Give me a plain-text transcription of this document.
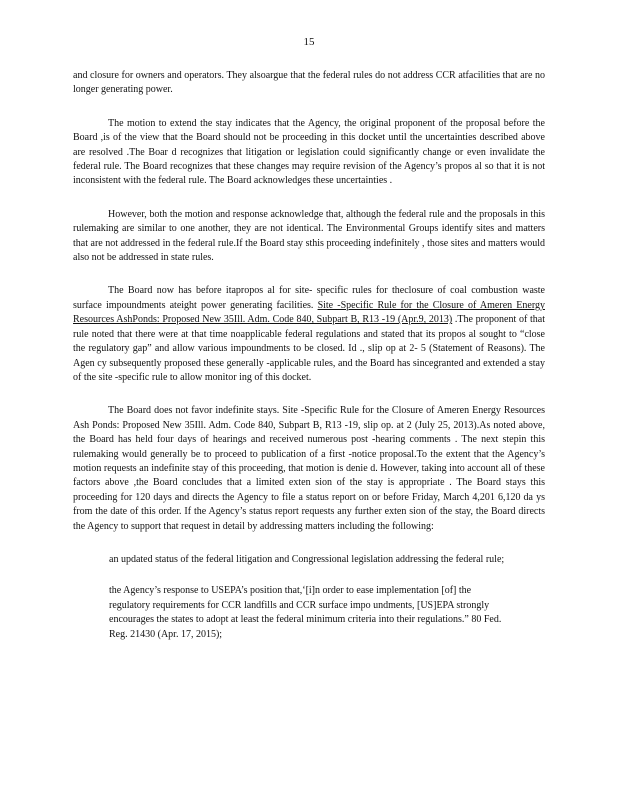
15

and closure for owners and operators. They alsoargue that the federal rules do not address CCR atfacilities that are no longer generating power.

The motion to extend the stay indicates that the Agency, the original proponent of the proposal before the Board ,is of the view that the Board should not be proceeding in this docket until the uncertainties described above are resolved .The Boar d recognizes that litigation or legislation could significantly change or even invalidate the federal rule. The Board recognizes that these changes may require revision of the Agency’s propos al so that it is not inconsistent with the federal rule. The Board acknowledges these uncertainties .

However, both the motion and response acknowledge that, although the federal rule and the proposals in this rulemaking are similar to one another, they are not identical. The Environmental Groups identify sites and matters that are not addressed in the federal rule.If the Board stay sthis proceeding indefinitely , those sites and matters would also not be addressed in state rules.

The Board now has before itapropos al for site- specific rules for theclosure of coal combustion waste surface impoundments ateight power generating facilities. Site -Specific Rule for the Closure of Ameren Energy Resources AshPonds: Proposed New 35Ill. Adm. Code 840, Subpart B, R13 -19 (Apr.9, 2013) .The proponent of that rule noted that there were at that time noapplicable federal regulations and stated that its propos al sought to “close the regulatory gap” and allow various impoundments to be closed. Id ., slip op at 2- 5 (Statement of Reasons). The Agen cy subsequently proposed these generally -applicable rules, and the Board has sincegranted and extended a stay of the site -specific rule to allow monitor ing of this docket.

The Board does not favor indefinite stays. Site -Specific Rule for the Closure of Ameren Energy Resources Ash Ponds: Proposed New 35Ill. Adm. Code 840, Subpart B, R13 -19, slip op. at 2 (July 25, 2013).As noted above, the Board has held four days of hearings and received numerous post -hearing comments . The next stepin this rulemaking would generally be to proceed to publication of a first -notice proposal.To the extent that the Agency’s motion requests an indefinite stay of this proceeding, that motion is denie d. However, taking into account all of these factors above ,the Board concludes that a limited exten sion of the stay is appropriate . The Board stays this proceeding for 120 days and directs the Agency to file a status report on or before Friday, March 4,201 6,120 da ys from the date of this order. If the Agency’s status report requests any further exten sion of the stay, the Board directs the Agency to support that request in detail by addressing matters including the following:

an updated status of the federal litigation and Congressional legislation addressing the federal rule;

the Agency’s response to USEPA’s position that,‘[i]n order to ease implementation [of] the regulatory requirements for CCR landfills and CCR surface impo undments, [US]EPA strongly encourages the states to adopt at least the federal minimum criteria into their regulations.” 80 Fed. Reg. 21430 (Apr. 17, 2015);
